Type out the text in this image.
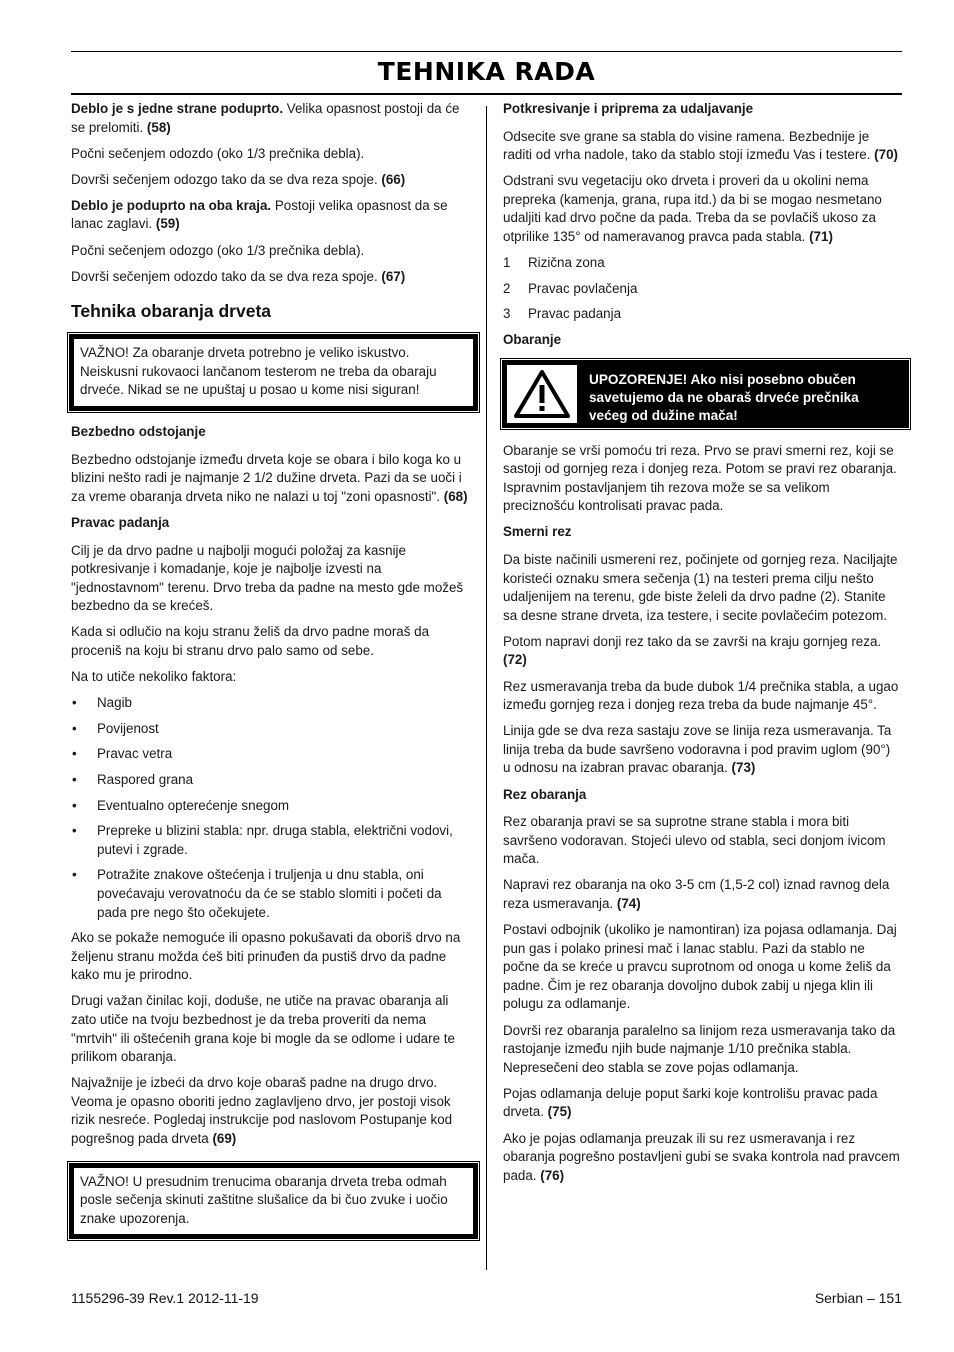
TEHNIKA RADA

Deblo je s jedne strane poduprto. Velika opasnost postoji da će se prelomiti. (58)

Počni sečenjem odozdo (oko 1/3 prečnika debla).

Dovrši sečenjem odozgo tako da se dva reza spoje. (66)

Deblo je poduprto na oba kraja. Postoji velika opasnost da se lanac zaglavi. (59)

Počni sečenjem odozgo (oko 1/3 prečnika debla).

Dovrši sečenjem odozdo tako da se dva reza spoje. (67)

Tehnika obaranja drveta

VAŽNO! Za obaranje drveta potrebno je veliko iskustvo. Neiskusni rukovaoci lančanom testerom ne treba da obaraju drveće. Nikad se ne upuštaj u posao u kome nisi siguran!

Bezbedno odstojanje

Bezbedno odstojanje između drveta koje se obara i bilo koga ko u blizini nešto radi je najmanje 2 1/2 dužine drveta. Pazi da se uoči i za vreme obaranja drveta niko ne nalazi u toj "zoni opasnosti". (68)

Pravac padanja

Cilj je da drvo padne u najbolji mogući položaj za kasnije potkresivanje i komadanje, koje je najbolje izvesti na "jednostavnom" terenu. Drvo treba da padne na mesto gde možeš bezbedno da se krećeš.

Kada si odlučio na koju stranu želiš da drvo padne moraš da proceniš na koju bi stranu drvo palo samo od sebe.

Na to utiče nekoliko faktora:

• Nagib
• Povijenost
• Pravac vetra
• Raspored grana
• Eventualno opterećenje snegom
• Prepreke u blizini stabla: npr. druga stabla, električni vodovi, putevi i zgrade.
• Potražite znakove oštećenja i truljenja u dnu stabla, oni povećavaju verovatnoću da će se stablo slomiti i početi da pada pre nego što očekujete.

Ako se pokaže nemoguće ili opasno pokušavati da oboriš drvo na željenu stranu možda ćeš biti prinuđen da pustiš drvo da padne kako mu je prirodno.

Drugi važan činilac koji, doduše, ne utiče na pravac obaranja ali zato utiče na tvoju bezbednost je da treba proveriti da nema "mrtvih" ili oštećenih grana koje bi mogle da se odlome i udare te prilikom obaranja.

Najvažnije je izbeći da drvo koje obaraš padne na drugo drvo. Veoma je opasno oboriti jedno zaglavljeno drvo, jer postoji visok rizik nesreće. Pogledaj instrukcije pod naslovom Postupanje kod pogrešnog pada drveta (69)

VAŽNO! U presudnim trenucima obaranja drveta treba odmah posle sečenja skinuti zaštitne slušalice da bi čuo zvuke i uočio znake upozorenja.

Potkresivanje i priprema za udaljavanje

Odsecite sve grane sa stabla do visine ramena. Bezbednije je raditi od vrha nadole, tako da stablo stoji između Vas i testere. (70)

Odstrani svu vegetaciju oko drveta i proveri da u okolini nema prepreka (kamenja, grana, rupa itd.) da bi se mogao nesmetano udaljiti kad drvo počne da pada. Treba da se povlačiš ukoso za otprilike 135° od nameravanog pravca pada stabla. (71)

1 Rizična zona
2 Pravac povlačenja
3 Pravac padanja

Obaranje

UPOZORENJE! Ako nisi posebno obučen savetujemo da ne obaraš drveće prečnika većeg od dužine mača!

Obaranje se vrši pomoću tri reza. Prvo se pravi smerni rez, koji se sastoji od gornjeg reza i donjeg reza. Potom se pravi rez obaranja. Ispravnim postavljanjem tih rezova može se sa velikom preciznošću kontrolisati pravac pada.

Smerni rez

Da biste načinili usmereni rez, počinjete od gornjeg reza. Naciljajte koristeći oznaku smera sečenja (1) na testeri prema cilju nešto udaljenijem na terenu, gde biste želeli da drvo padne (2). Stanite sa desne strane drveta, iza testere, i secite povlačećim potezom.

Potom napravi donji rez tako da se završi na kraju gornjeg reza. (72)

Rez usmeravanja treba da bude dubok 1/4 prečnika stabla, a ugao između gornjeg reza i donjeg reza treba da bude najmanje 45°.

Linija gde se dva reza sastaju zove se linija reza usmeravanja. Ta linija treba da bude savršeno vodoravna i pod pravim uglom (90°) u odnosu na izabran pravac obaranja. (73)

Rez obaranja

Rez obaranja pravi se sa suprotne strane stabla i mora biti savršeno vodoravan. Stojeći ulevo od stabla, seci donjom ivicom mača.

Napravi rez obaranja na oko 3-5 cm (1,5-2 col) iznad ravnog dela reza usmeravanja. (74)

Postavi odbojnik (ukoliko je namontiran) iza pojasa odlamanja. Daj pun gas i polako prinesi mač i lanac stablu. Pazi da stablo ne počne da se kreće u pravcu suprotnom od onoga u kome želiš da padne. Čim je rez obaranja dovoljno dubok zabij u njega klin ili polugu za odlamanje.

Dovrši rez obaranja paralelno sa linijom reza usmeravanja tako da rastojanje između njih bude najmanje 1/10 prečnika stabla. Nepresečeni deo stabla se zove pojas odlamanja.

Pojas odlamanja deluje poput šarki koje kontrolišu pravac pada drveta. (75)

Ako je pojas odlamanja preuzak ili su rez usmeravanja i rez obaranja pogrešno postavljeni gubi se svaka kontrola nad pravcem pada. (76)

1155296-39 Rev.1 2012-11-19	Serbian – 151
